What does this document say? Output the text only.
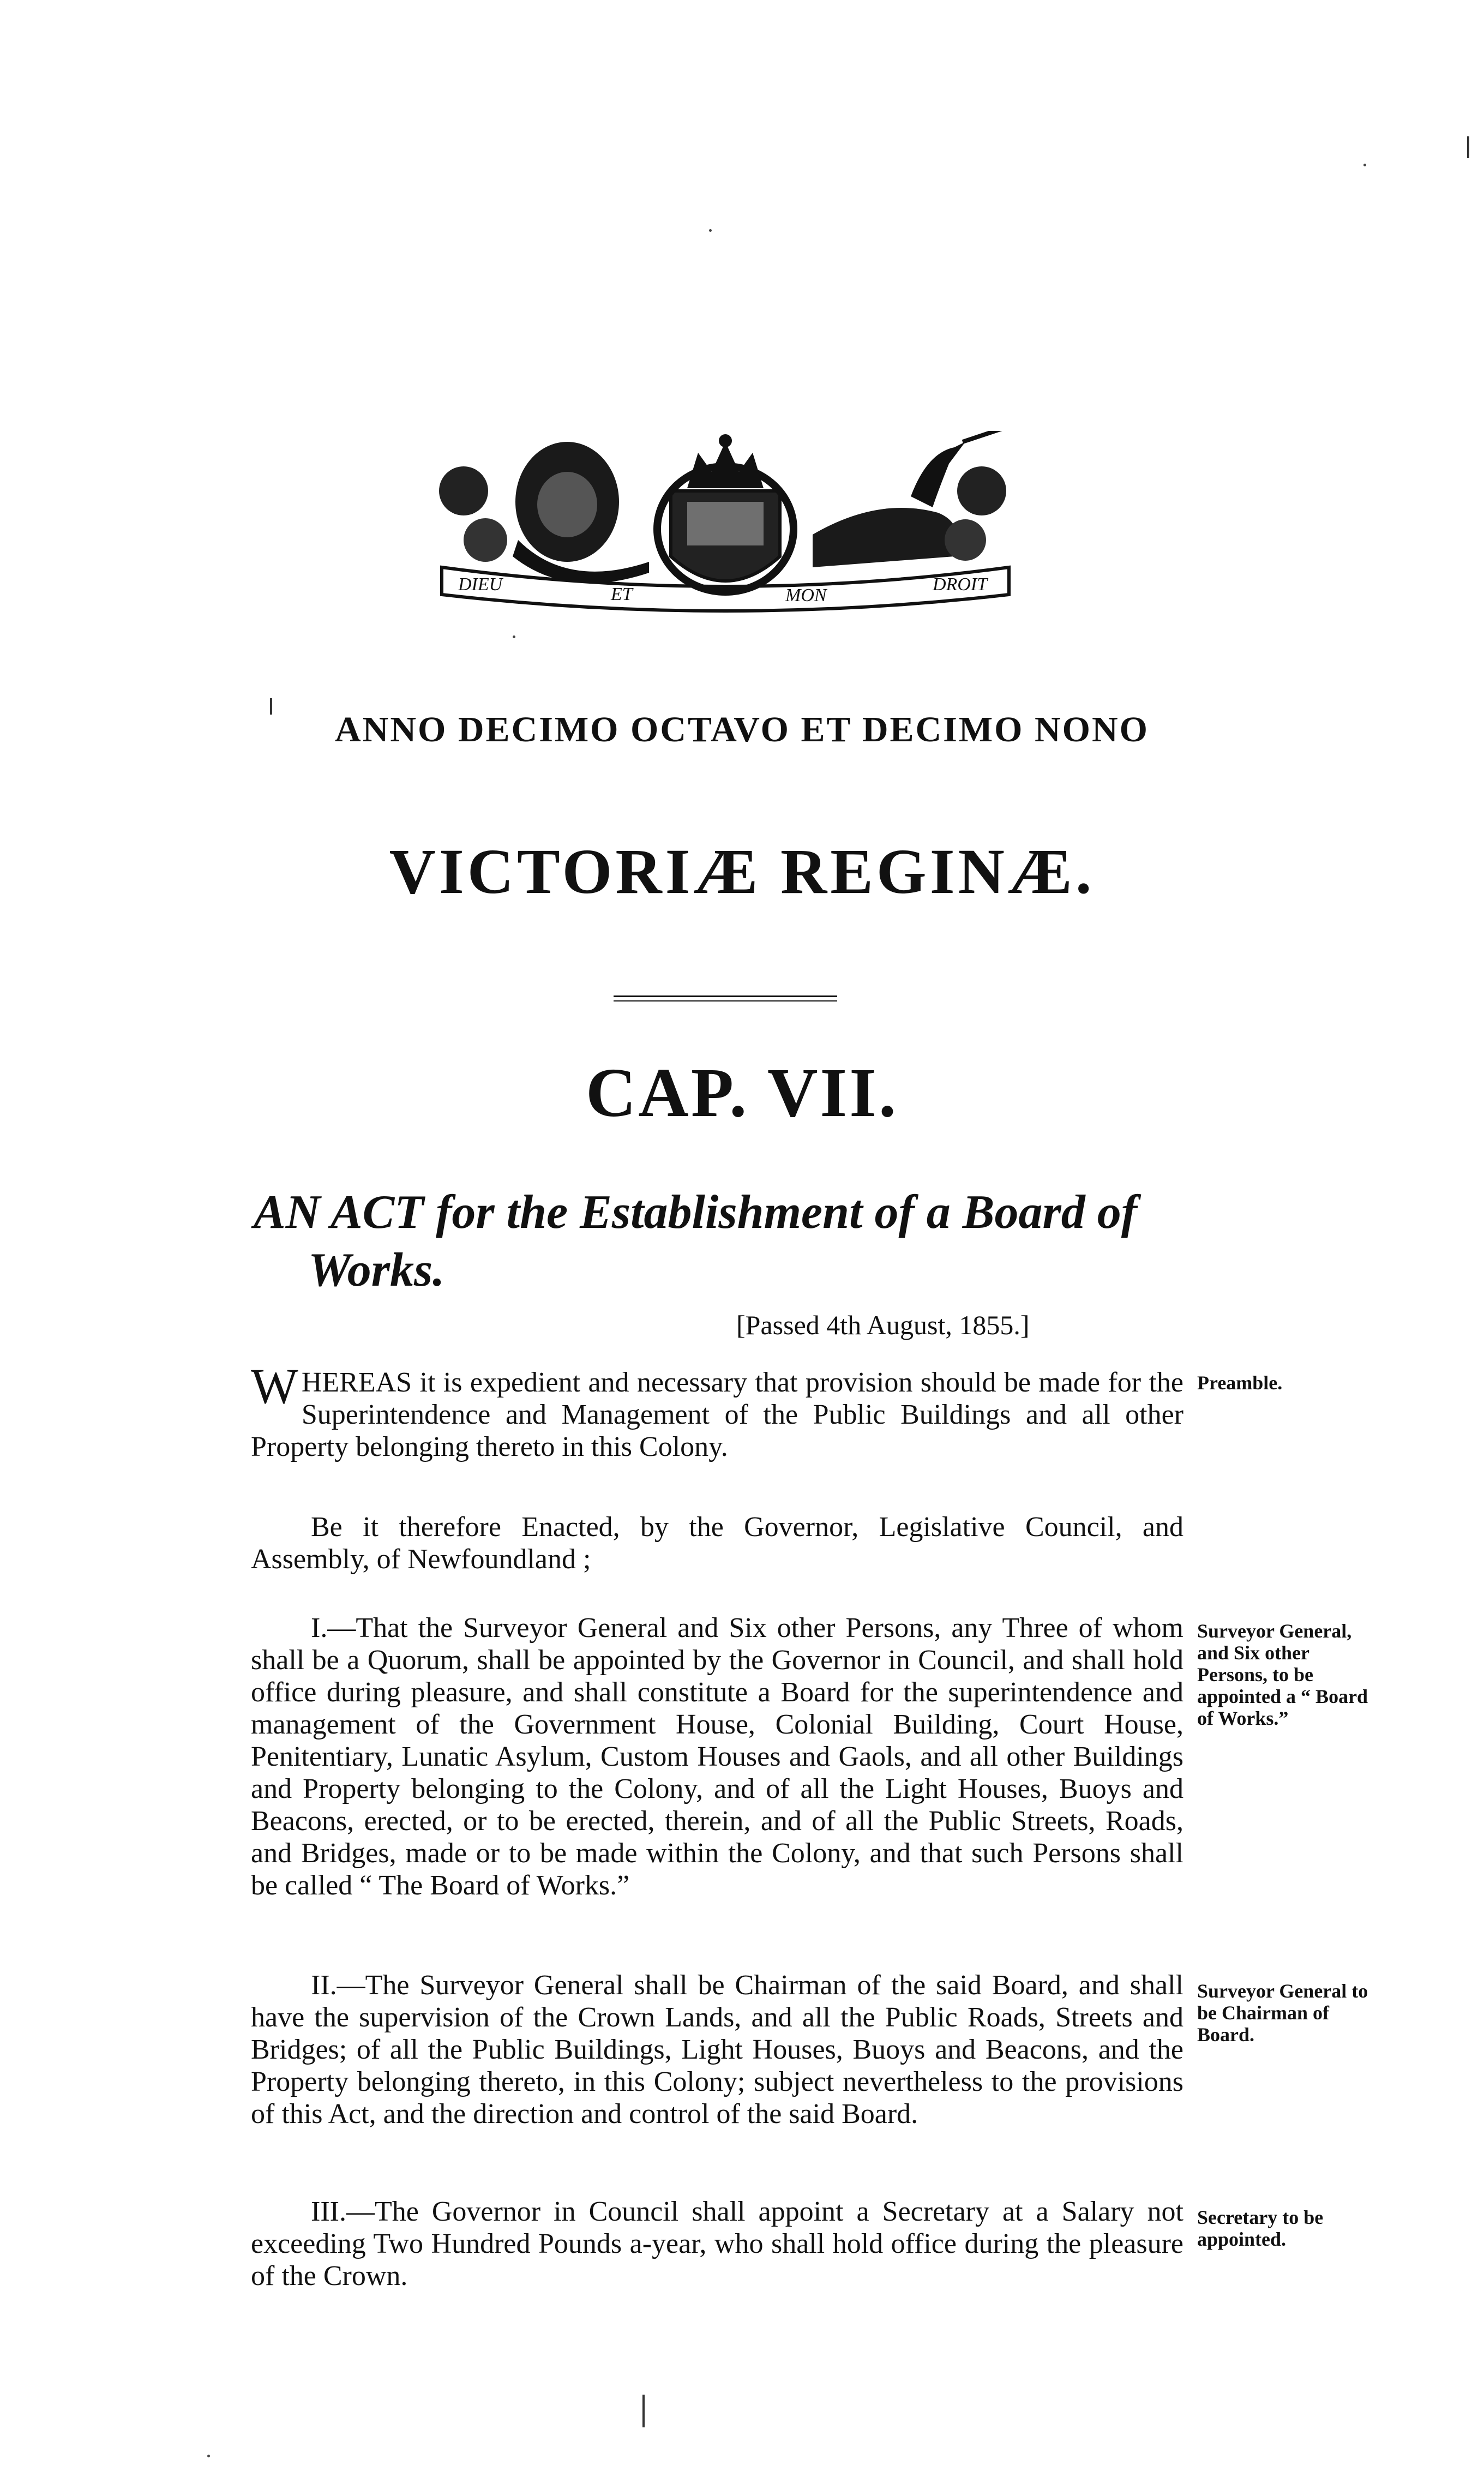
DIEU	ET	MON
DROIT
ANNO DECIMO OCTAVO ET DECIMO NONO
VICTORIÆ REGINÆ.
CAP. VII.
AN ACT for the Establishment of a Board of
Works.
[Passed 4th August, 1855.]
WHEREAS it is expedient and necessary that provision should be made for the Superintendence and Management of the Public Buildings and all other Property belonging thereto in this Colony.
Preamble.
Be it therefore Enacted, by the Governor, Legislative Council, and Assembly, of Newfoundland ;
I.—That the Surveyor General and Six other Persons, any Three of whom shall be a Quorum, shall be appointed by the Governor in Council, and shall hold office during pleasure, and shall constitute a Board for the superintendence and management of the Government House, Colonial Building, Court House, Penitentiary, Lunatic Asylum, Custom Houses and Gaols, and all other Buildings and Property belonging to the Colony, and of all the Light Houses, Buoys and Beacons, erected, or to be erected, therein, and of all the Public Streets, Roads, and Bridges, made or to be made within the Colony, and that such Persons shall be called “ The Board of Works.”
Surveyor General, and Six other Persons, to be appointed a “ Board of Works.”
II.—The Surveyor General shall be Chairman of the said Board, and shall have the supervision of the Crown Lands, and all the Public Roads, Streets and Bridges; of all the Public Buildings, Light Houses, Buoys and Beacons, and the Property belonging thereto, in this Colony; subject nevertheless to the provisions of this Act, and the direction and control of the said Board.
Surveyor General to be Chairman of Board.
III.—The Governor in Council shall appoint a Secretary at a Salary not exceeding Two Hundred Pounds a-year, who shall hold office during the pleasure of the Crown.
Secretary to be appointed.
